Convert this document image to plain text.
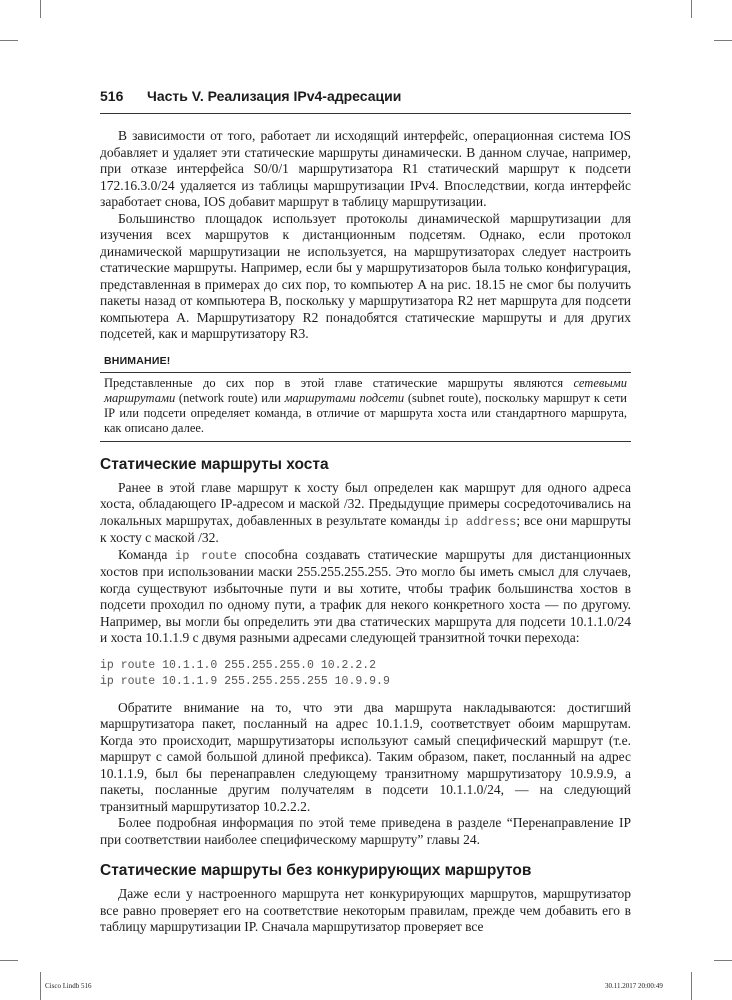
516 Часть V. Реализация IPv4-адресации

В зависимости от того, работает ли исходящий интерфейс, операционная система IOS добавляет и удаляет эти статические маршруты динамически. В данном случае, например, при отказе интерфейса S0/0/1 маршрутизатора R1 статический маршрут к подсети 172.16.3.0/24 удаляется из таблицы маршрутизации IPv4. Впоследствии, когда интерфейс заработает снова, IOS добавит маршрут в таблицу маршрутизации.

Большинство площадок использует протоколы динамической маршрутизации для изучения всех маршрутов к дистанционным подсетям. Однако, если протокол динамической маршрутизации не используется, на маршрутизаторах следует настроить статические маршруты. Например, если бы у маршрутизаторов была только конфигурация, представленная в примерах до сих пор, то компьютер A на рис. 18.15 не смог бы получить пакеты назад от компьютера B, поскольку у маршрутизатора R2 нет маршрута для подсети компьютера A. Маршрутизатору R2 понадобятся статические маршруты и для других подсетей, как и маршрутизатору R3.

ВНИМАНИЕ!
Представленные до сих пор в этой главе статические маршруты являются сетевыми маршрутами (network route) или маршрутами подсети (subnet route), поскольку маршрут к сети IP или подсети определяет команда, в отличие от маршрута хоста или стандартного маршрута, как описано далее.
Статические маршруты хоста

Ранее в этой главе маршрут к хосту был определен как маршрут для одного адреса хоста, обладающего IP-адресом и маской /32. Предыдущие примеры сосредоточивались на локальных маршрутах, добавленных в результате команды ip address; все они маршруты к хосту с маской /32.

Команда ip route способна создавать статические маршруты для дистанционных хостов при использовании маски 255.255.255.255. Это могло бы иметь смысл для случаев, когда существуют избыточные пути и вы хотите, чтобы трафик большинства хостов в подсети проходил по одному пути, а трафик для некого конкретного хоста — по другому. Например, вы могли бы определить эти два статических маршрута для подсети 10.1.1.0/24 и хоста 10.1.1.9 с двумя разными адресами следующей транзитной точки перехода:

ip route 10.1.1.0 255.255.255.0 10.2.2.2
ip route 10.1.1.9 255.255.255.255 10.9.9.9

Обратите внимание на то, что эти два маршрута накладываются: достигший маршрутизатора пакет, посланный на адрес 10.1.1.9, соответствует обоим маршрутам. Когда это происходит, маршрутизаторы используют самый специфический маршрут (т.е. маршрут с самой большой длиной префикса). Таким образом, пакет, посланный на адрес 10.1.1.9, был бы перенаправлен следующему транзитному маршрутизатору 10.9.9.9, а пакеты, посланные другим получателям в подсети 10.1.1.0/24, — на следующий транзитный маршрутизатор 10.2.2.2.

Более подробная информация по этой теме приведена в разделе “Перенаправление IP при соответствии наиболее специфическому маршруту” главы 24.

Статические маршруты без конкурирующих маршрутов

Даже если у настроенного маршрута нет конкурирующих маршрутов, маршрутизатор все равно проверяет его на соответствие некоторым правилам, прежде чем добавить его в таблицу маршрутизации IP. Сначала маршрутизатор проверяет все

Cisco I.indb 516	30.11.2017 20:00:49
